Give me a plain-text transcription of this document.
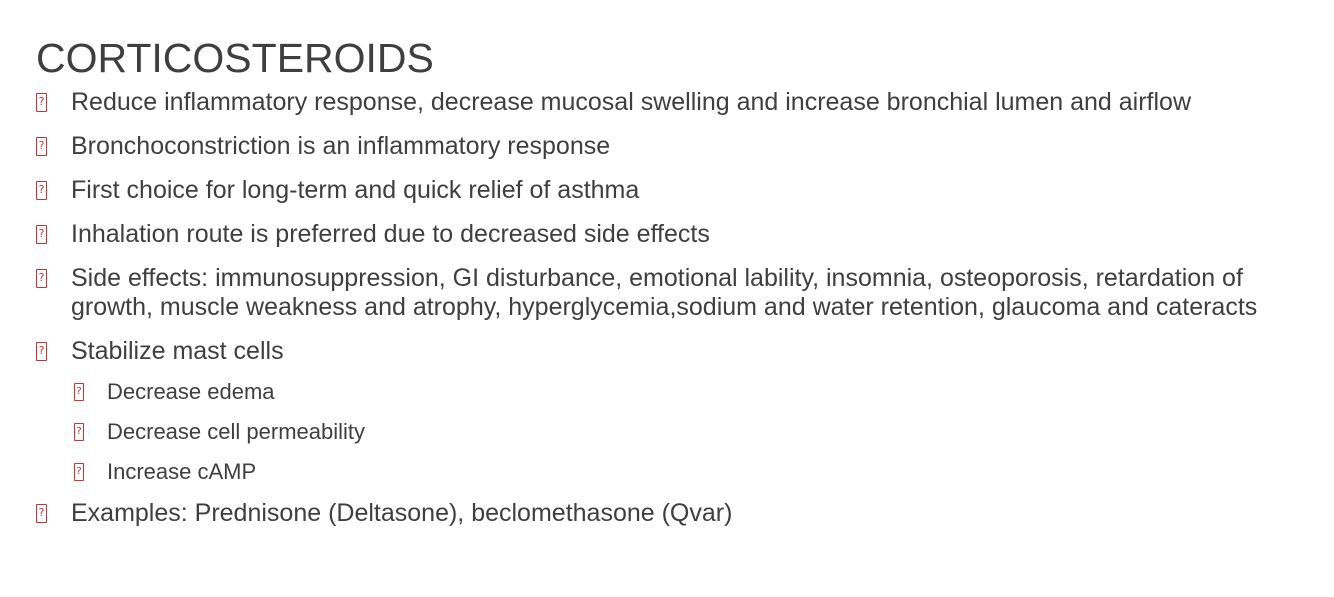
CORTICOSTEROIDS
? Reduce inflammatory response, decrease mucosal swelling and increase bronchial lumen and airflow
? Bronchoconstriction is an inflammatory response
? First choice for long-term and quick relief of asthma
? Inhalation route is preferred due to decreased side effects
? Side effects: immunosuppression, GI disturbance, emotional lability, insomnia, osteoporosis, retardation of growth, muscle weakness and atrophy, hyperglycemia,sodium and water retention, glaucoma and cateracts
? Stabilize mast cells
? Decrease edema
? Decrease cell permeability
? Increase cAMP
? Examples: Prednisone (Deltasone), beclomethasone (Qvar)
